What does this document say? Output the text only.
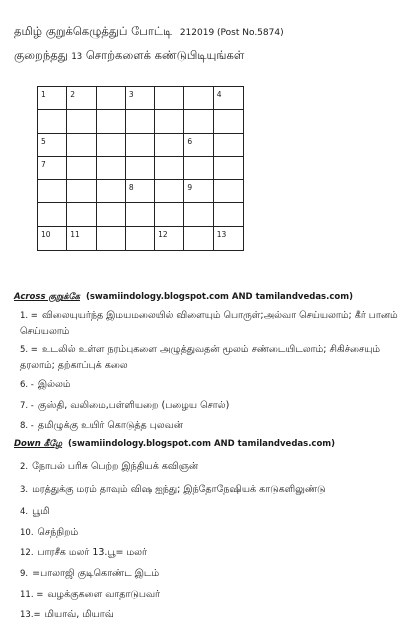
தமிழ் குறுக்கெழுத்துப் போட்டி 212019 (Post No.5874)
குறைந்தது 13 சொற்களைக் கண்டுபிடியுங்கள்
1	2	3	4
5	6
7
8	9
10	11	12	13
Across குறுக்கே (swamiindology.blogspot.com AND tamilandvedas.com)
1. = விலையுயர்ந்த இமயமலையில் விளையும் பொருள்;அல்வா செய்யலாம்; கீர் பானம் செய்யலாம்
5. = உடலில் உள்ள நரம்புகளை அழுத்துவதன் மூலம் சண்டையிடலாம்; சிகிச்சையும் தரலாம்; தற்காப்புக் கலை
6. - இல்லம்
7. - குஸ்தி, வலிமை,பள்ளியறை (பழைய சொல்)
8. - தமிழுக்கு உயிர் கொடுத்த புலவன்
Down கீழே (swamiindology.blogspot.com AND tamilandvedas.com)
2. நோபல் பரிசு பெற்ற இந்தியக் கவிஞன்
3. மரத்துக்கு மரம் தாவும் விஷ ஐந்து; இந்தோநேஷியக் காடுகளிலுண்டு
4. பூமி
10. செந்நிறம்
12. பாரசீக மலர் 13.பூ= மலர்
9. =பாலாஜி குடிகொண்ட இடம்
11. = வழக்குகளை வாதாடுபவர்
13.= மியாவ், மியாவ்
